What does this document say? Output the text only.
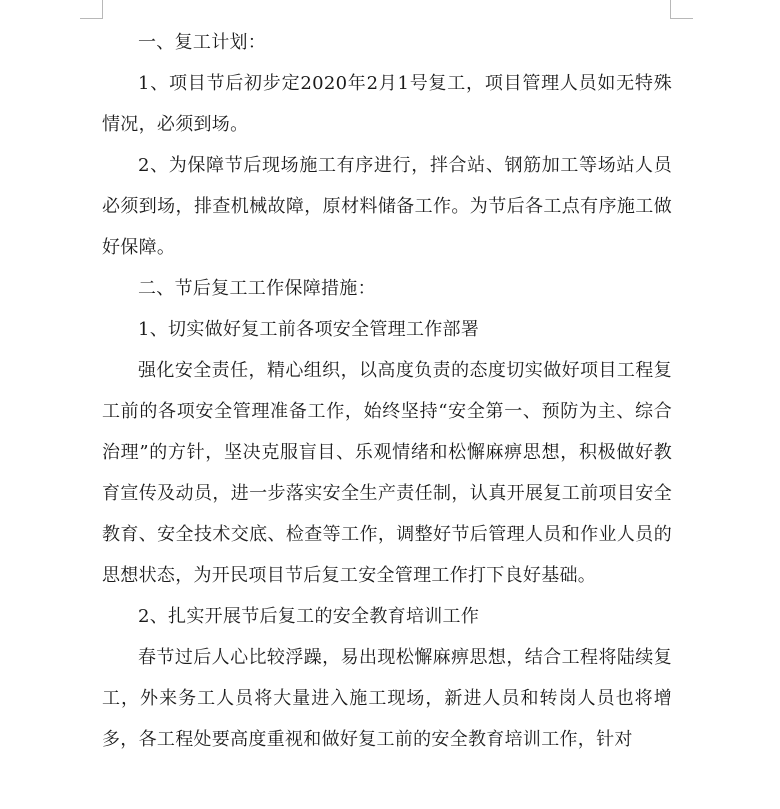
一、复工计划：

1、项目节后初步定2020年2月1号复工，项目管理人员如无特殊情况，必须到场。

2、为保障节后现场施工有序进行，拌合站、钢筋加工等场站人员必须到场，排查机械故障，原材料储备工作。为节后各工点有序施工做好保障。

二、节后复工工作保障措施：

1、切实做好复工前各项安全管理工作部署

强化安全责任，精心组织，以高度负责的态度切实做好项目工程复工前的各项安全管理准备工作，始终坚持“安全第一、预防为主、综合治理”的方针，坚决克服盲目、乐观情绪和松懈麻痹思想，积极做好教育宣传及动员，进一步落实安全生产责任制，认真开展复工前项目安全教育、安全技术交底、检查等工作，调整好节后管理人员和作业人员的思想状态，为开民项目节后复工安全管理工作打下良好基础。

2、扎实开展节后复工的安全教育培训工作

春节过后人心比较浮躁，易出现松懈麻痹思想，结合工程将陆续复工，外来务工人员将大量进入施工现场，新进人员和转岗人员也将增多，各工程处要高度重视和做好复工前的安全教育培训工作，针对
